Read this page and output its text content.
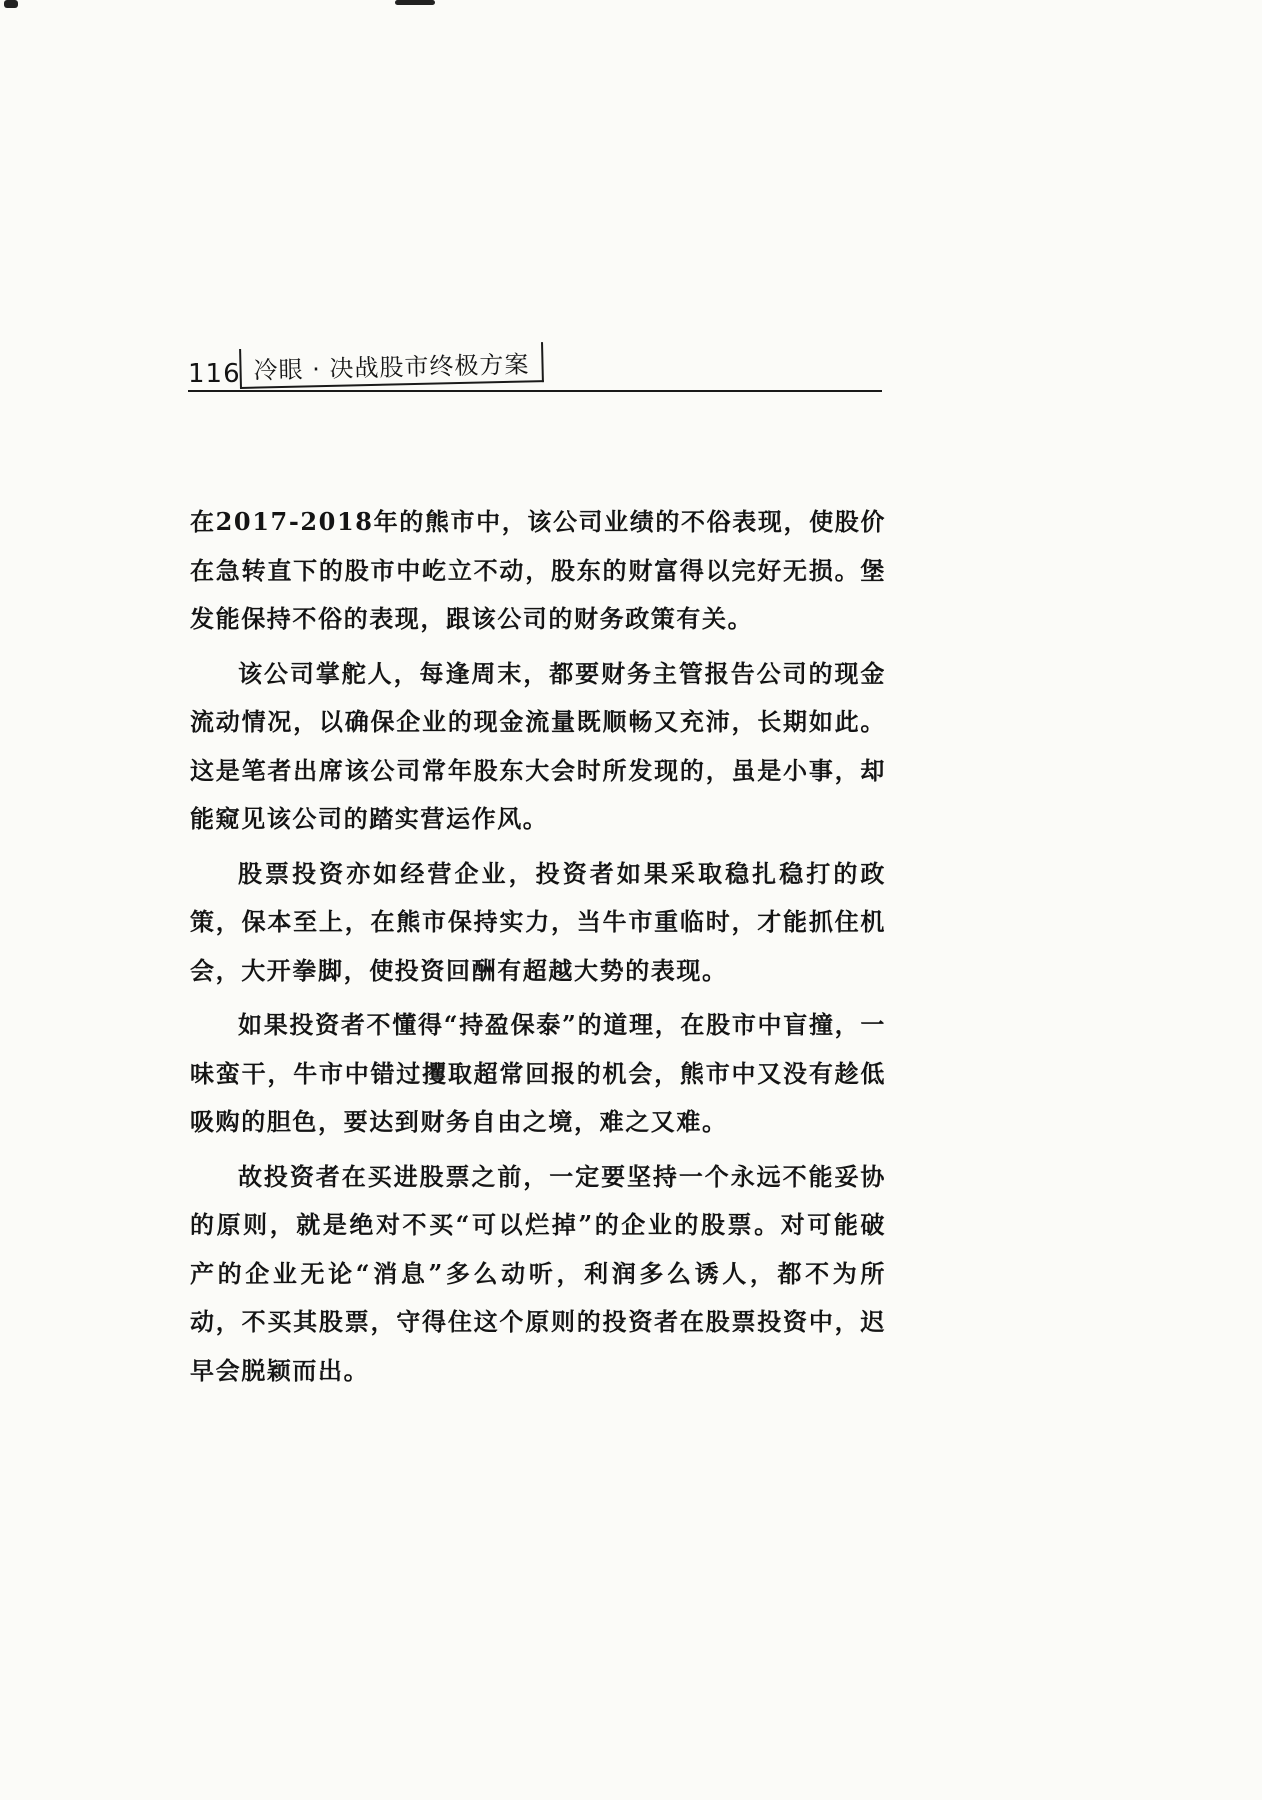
116 冷眼 · 决战股市终极方案

在2017-2018年的熊市中，该公司业绩的不俗表现，使股价在急转直下的股市中屹立不动，股东的财富得以完好无损。堡发能保持不俗的表现，跟该公司的财务政策有关。

该公司掌舵人，每逢周末，都要财务主管报告公司的现金流动情况，以确保企业的现金流量既顺畅又充沛，长期如此。这是笔者出席该公司常年股东大会时所发现的，虽是小事，却能窥见该公司的踏实营运作风。

股票投资亦如经营企业，投资者如果采取稳扎稳打的政策，保本至上，在熊市保持实力，当牛市重临时，才能抓住机会，大开拳脚，使投资回酬有超越大势的表现。

如果投资者不懂得“持盈保泰”的道理，在股市中盲撞，一味蛮干，牛市中错过攫取超常回报的机会，熊市中又没有趁低吸购的胆色，要达到财务自由之境，难之又难。

故投资者在买进股票之前，一定要坚持一个永远不能妥协的原则，就是绝对不买“可以烂掉”的企业的股票。对可能破产的企业无论“消息”多么动听，利润多么诱人，都不为所动，不买其股票，守得住这个原则的投资者在股票投资中，迟早会脱颖而出。
